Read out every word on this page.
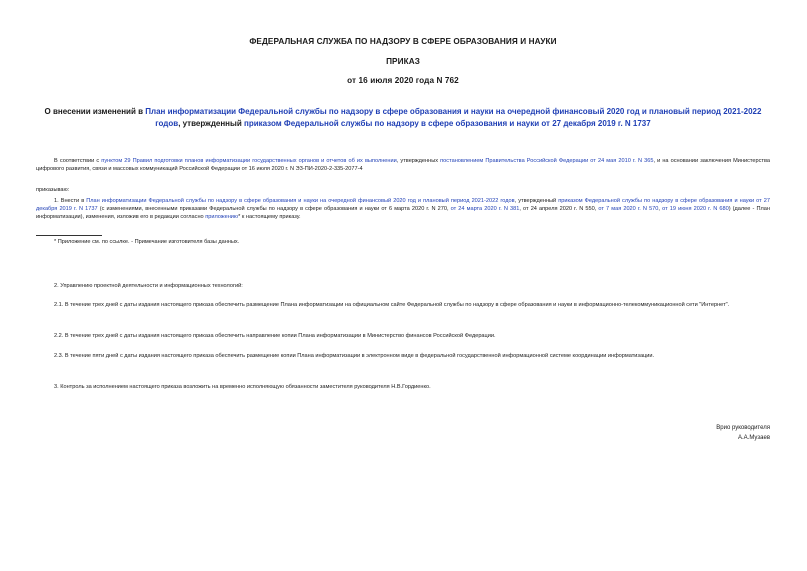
ФЕДЕРАЛЬНАЯ СЛУЖБА ПО НАДЗОРУ В СФЕРЕ ОБРАЗОВАНИЯ И НАУКИ
ПРИКАЗ
от 16 июля 2020 года N 762
О внесении изменений в План информатизации Федеральной службы по надзору в сфере образования и науки на очередной финансовый 2020 год и плановый период 2021-2022 годов, утвержденный приказом Федеральной службы по надзору в сфере образования и науки от 27 декабря 2019 г. N 1737
В соответствии с пунктом 29 Правил подготовки планов информатизации государственных органов и отчетов об их выполнении, утвержденных постановлением Правительства Российской Федерации от 24 мая 2010 г. N 365, и на основании заключения Министерства цифрового развития, связи и массовых коммуникаций Российской Федерации от 16 июля 2020 г. N ЭЗ-ПИ-2020-2-335-2077-4
приказываю:
1. Внести в План информатизации Федеральной службы по надзору в сфере образования и науки на очередной финансовый 2020 год и плановый период 2021-2022 годов, утвержденный приказом Федеральной службы по надзору в сфере образования и науки от 27 декабря 2019 г. N 1737 (с изменениями, внесенными приказами Федеральной службы по надзору в сфере образования и науки от 6 марта 2020 г. N 270, от 24 марта 2020 г. N 381, от 24 апреля 2020 г. N 550, от 7 мая 2020 г. N 570, от 19 июня 2020 г. N 680) (далее - План информатизации), изменения, изложив его в редакции согласно приложению* к настоящему приказу.
* Приложение см. по ссылке. - Примечание изготовителя базы данных.
2. Управлению проектной деятельности и информационных технологий:
2.1. В течение трех дней с даты издания настоящего приказа обеспечить размещение Плана информатизации на официальном сайте Федеральной службы по надзору в сфере образования и науки в информационно-телекоммуникационной сети "Интернет".
2.2. В течение трех дней с даты издания настоящего приказа обеспечить направление копии Плана информатизации в Министерство финансов Российской Федерации.
2.3. В течение пяти дней с даты издания настоящего приказа обеспечить размещение копии Плана информатизации в электронном виде в федеральной государственной информационной системе координации информатизации.
3. Контроль за исполнением настоящего приказа возложить на временно исполняющую обязанности заместителя руководителя Н.В.Гордиенко.
Врио руководителя
А.А.Музаев
